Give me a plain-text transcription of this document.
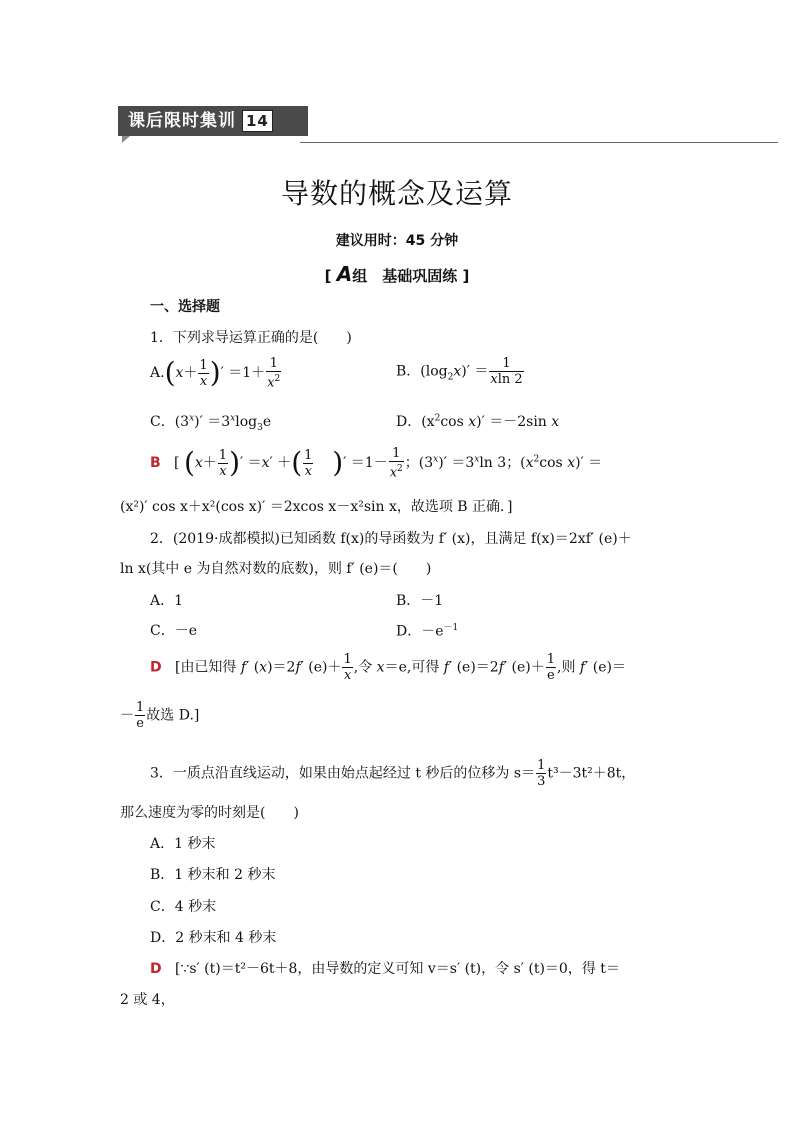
课后限时集训 14
导数的概念及运算
建议用时：45 分钟
[ A组　基础巩固练 ]
一、选择题
1．下列求导运算正确的是(　　)
$A.(x+ \frac{1}{x}$ )′ $=1+ \frac{1}{x^2}$	B．$(\log_2x)' = \frac{1}{xln 2}$
C．$(3^x)' =3^x\log_3e$	D．($x^2\cos$ x)′ ＝－2sin x
B   [ ($x+ \frac{1}{x}$ )′ ＝x′ ＋( $\frac{1}{x}$ )′ $=1- \frac{1}{x^2}$ ；$(3^x)' =3^x\ln$ 3；($x^2\cos$ x)′ ＝
(x²)′ cos x＋x²(cos x)′ ＝2xcos x－x²sin x，故选项 B 正确．]
2．(2019·成都模拟)已知函数 f(x)的导函数为 f′ (x)，且满足 f(x)＝2xf′ (e)＋
ln x(其中 e 为自然对数的底数)，则 f′ (e)＝(　　)
A．1	B．－1
C．－e	D．$-e^{-1}$
D   [由已知得 f′ (x)＝2f′ $(e)+ \frac{1}{x}$ ,令 x＝e,可得 f′ (e)＝2f′ $(e)+ \frac{1}{e}$ ,则 f′ (e)＝
－ $\frac{1}{e}$ 故选 D.]
3．一质点沿直线运动，如果由始点起经过 t 秒后的位移为 $s= \frac{1}{3} t^3-3t^2+8t$，
那么速度为零的时刻是(　　)
A．1 秒末
B．1 秒末和 2 秒末
C．4 秒末
D．2 秒末和 4 秒末
D [∵s′ (t)＝t²－6t＋8，由导数的定义可知 v＝s′ (t)，令 s′ (t)＝0，得 t＝
2 或 4，
